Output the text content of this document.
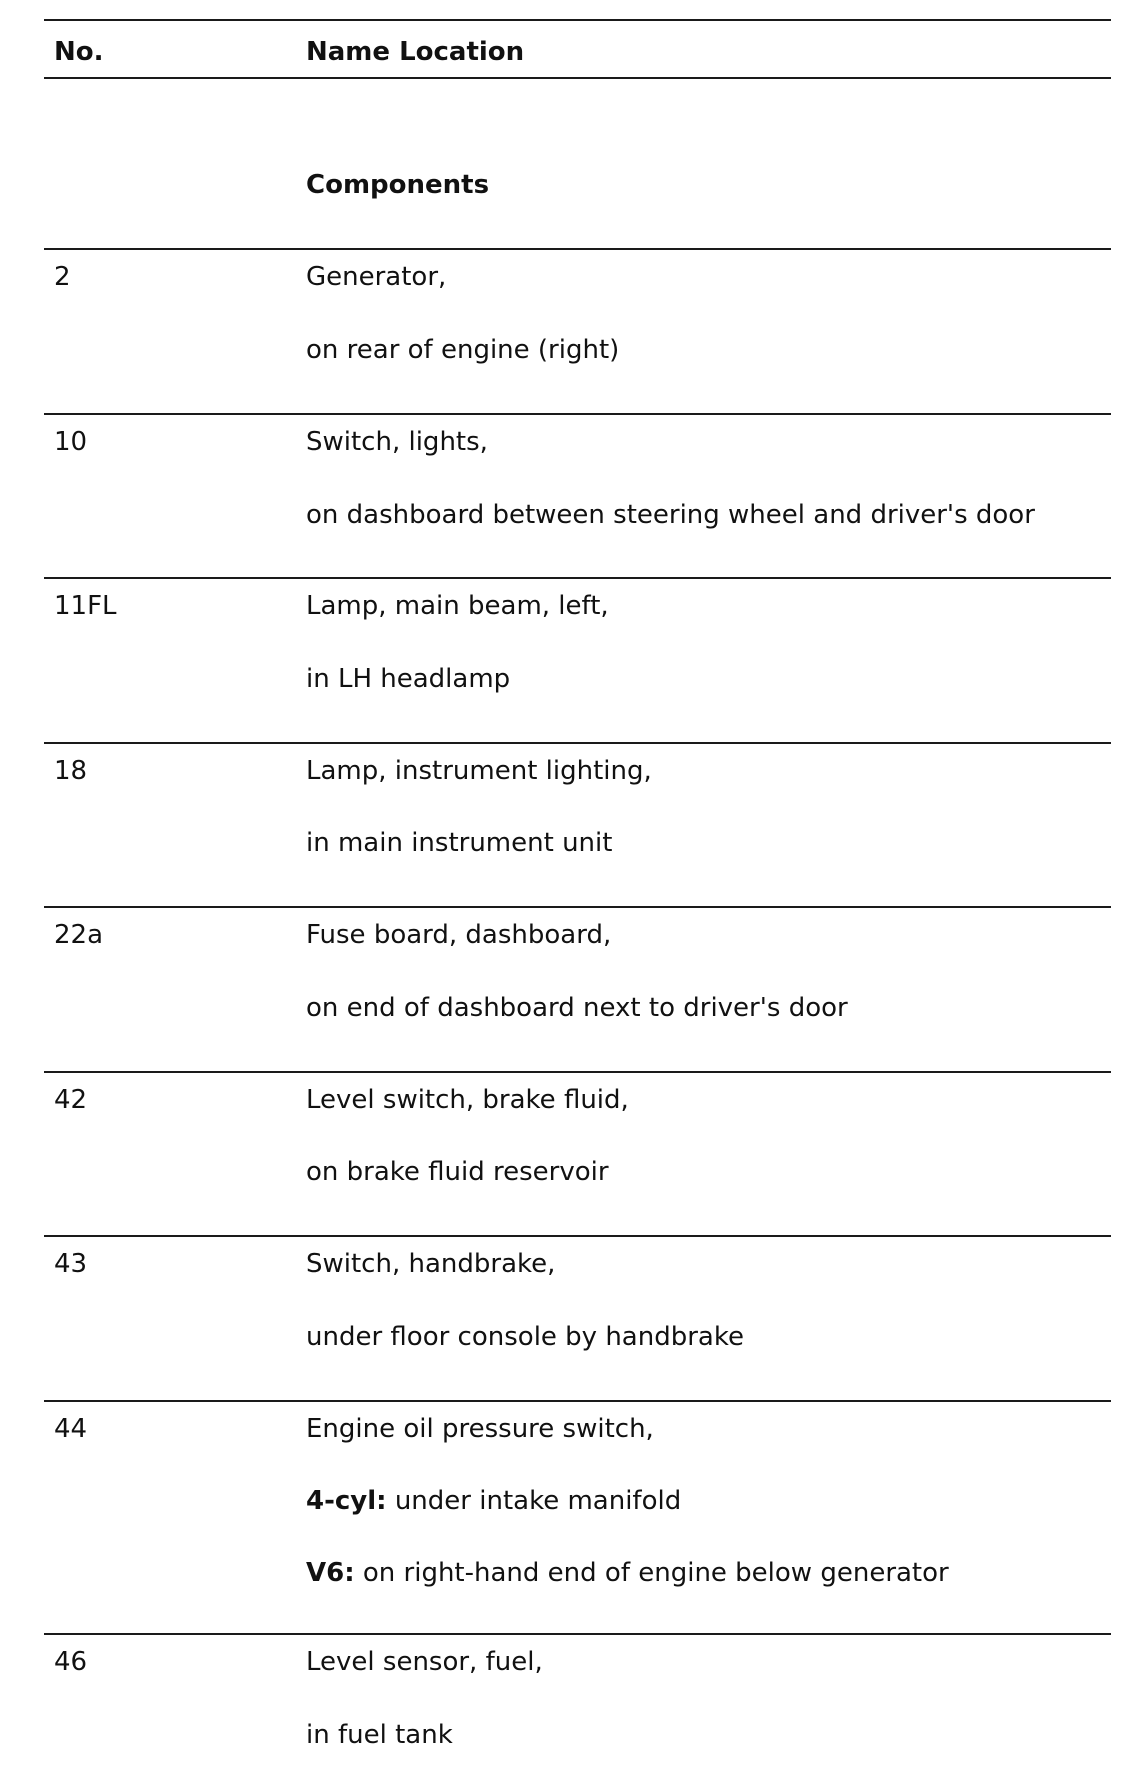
No.	Name Location
Components
2	Generator,
on rear of engine (right)
10	Switch, lights,
on dashboard between steering wheel and driver's door
11FL	Lamp, main beam, left,
in LH headlamp
18	Lamp, instrument lighting,
in main instrument unit
22a	Fuse board, dashboard,
on end of dashboard next to driver's door
42	Level switch, brake fluid,
on brake fluid reservoir
43	Switch, handbrake,
under floor console by handbrake
44	Engine oil pressure switch,
4-cyl: under intake manifold
V6: on right-hand end of engine below generator
46	Level sensor, fuel,
in fuel tank
